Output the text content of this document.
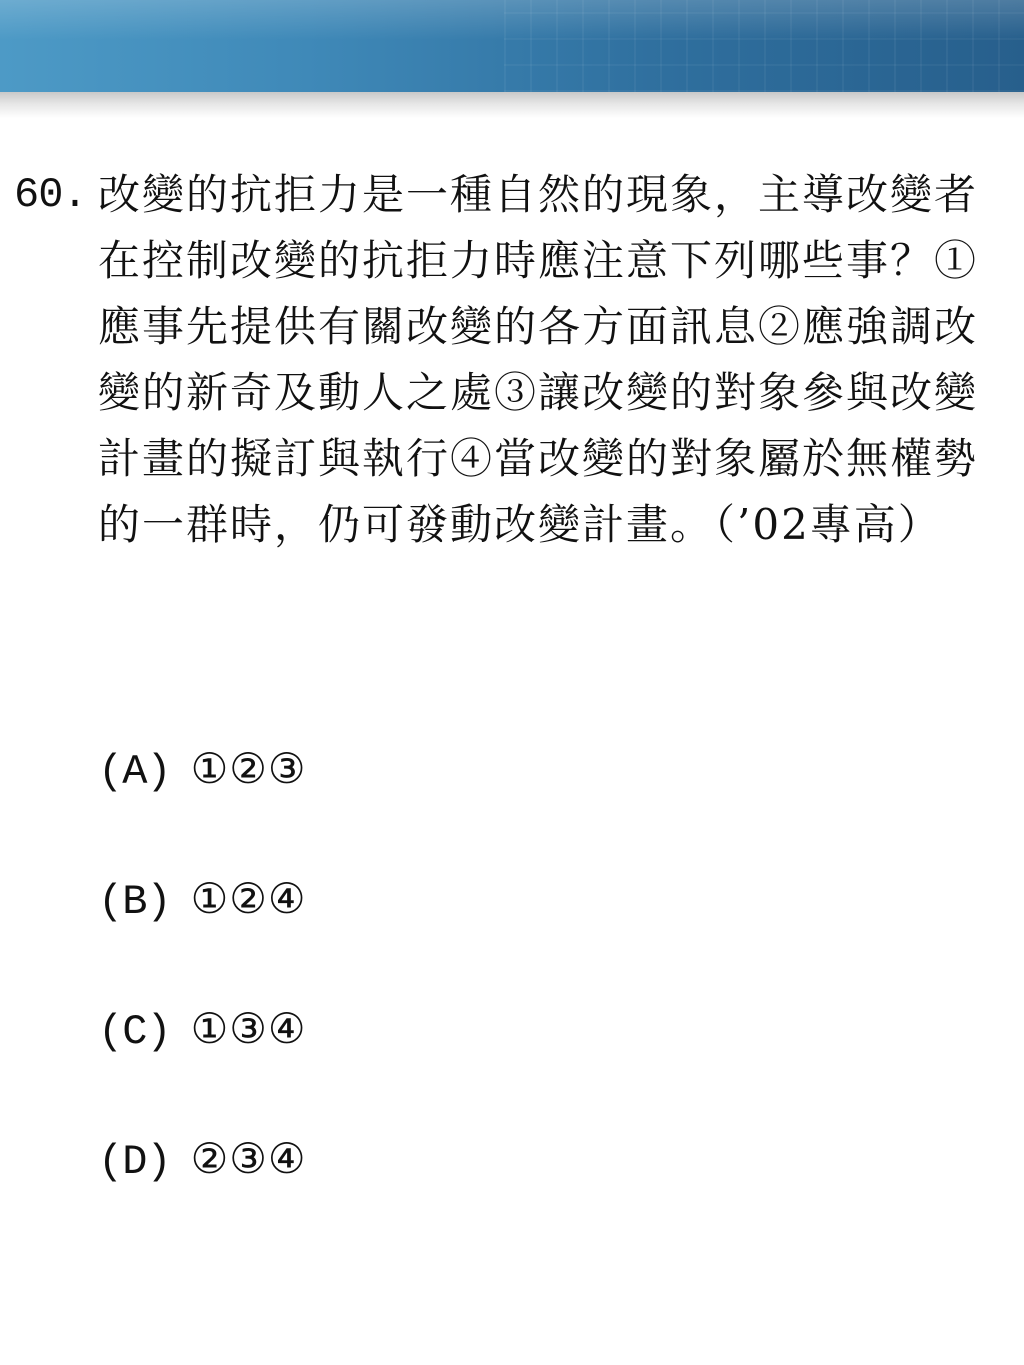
60. 改變的抗拒力是一種自然的現象，主導改變者在控制改變的抗拒力時應注意下列哪些事？①應事先提供有關改變的各方面訊息②應強調改變的新奇及動人之處③讓改變的對象參與改變計畫的擬訂與執行④當改變的對象屬於無權勢的一群時，仍可發動改變計畫。（’02專高）
(A) ①②③
(B) ①②④
(C) ①③④
(D) ②③④
